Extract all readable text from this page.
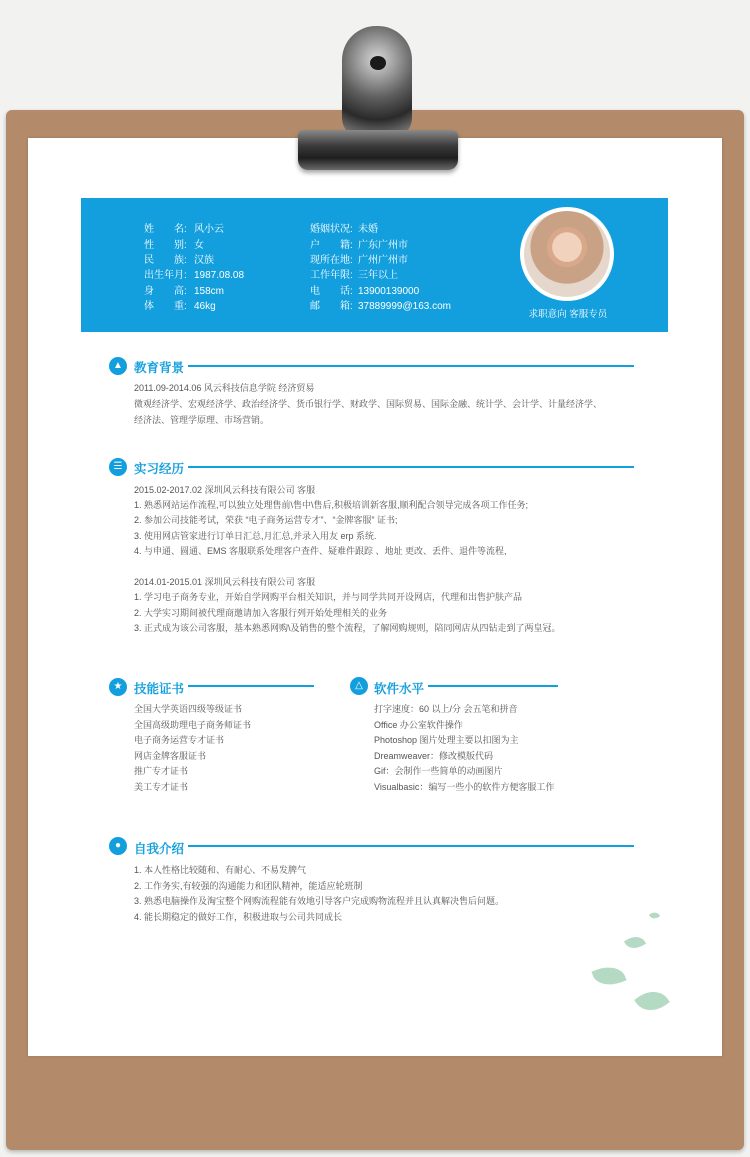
姓　　名: 风小云
性　　别: 女
民　　族: 汉族
出生年月: 1987.08.08
身　　高: 158cm
体　　重: 46kg
婚姻状况: 未婚
户　　籍: 广东广州市
现所在地: 广州广州市
工作年限: 三年以上
电　　话: 13900139000
邮　　箱: 37889999@163.com
求职意向 客服专员
▲ 教育背景
2011.09-2014.06 风云科技信息学院 经济贸易
微观经济学、宏观经济学、政治经济学、货币银行学、财政学、国际贸易、国际金融、统计学、会计学、计量经济学、
经济法、管理学原理、市场营销。
☰ 实习经历
2015.02-2017.02 深圳风云科技有限公司 客服
1. 熟悉网站运作流程,可以独立处理售前\售中\售后,积极培训新客服,顺利配合领导完成各项工作任务;
2. 参加公司技能考试，荣获 “电子商务运营专才”、“金牌客服” 证书;
3. 使用网店管家进行订单日汇总,月汇总,并录入用友 erp 系统.
4. 与申通、圆通、EMS 客服联系处理客户查件、疑难件跟踪 、地址 更改、丢件、退件等流程,
2014.01-2015.01 深圳风云科技有限公司 客服
1. 学习电子商务专业，开始自学网购平台相关知识，并与同学共同开设网店，代理和出售护肤产品
2. 大学实习期间被代理商邀请加入客服行列开始处理相关的业务
3. 正式成为该公司客服，基本熟悉网购\及销售的整个流程，了解网购规则，陪同网店从四钻走到了两皇冠。
★ 技能证书
全国大学英语四级等级证书
全国高级助理电子商务师证书
电子商务运营专才证书
网店金牌客服证书
推广专才证书
美工专才证书
△ 软件水平
打字速度：60 以上/分 会五笔和拼音
Office 办公室软件操作
Photoshop 图片处理主要以扣图为主
Dreamweaver：修改模版代码
Gif：会制作一些简单的动画图片
Visualbasic：编写一些小的软件方便客服工作
●	自我介绍
1. 本人性格比较随和、有耐心、不易发脾气
2. 工作务实,有较强的沟通能力和团队精神，能适应轮班制
3. 熟悉电脑操作及淘宝整个网购流程能有效地引导客户完成购物流程并且认真解决售后问题。
4. 能长期稳定的做好工作，积极进取与公司共同成长
